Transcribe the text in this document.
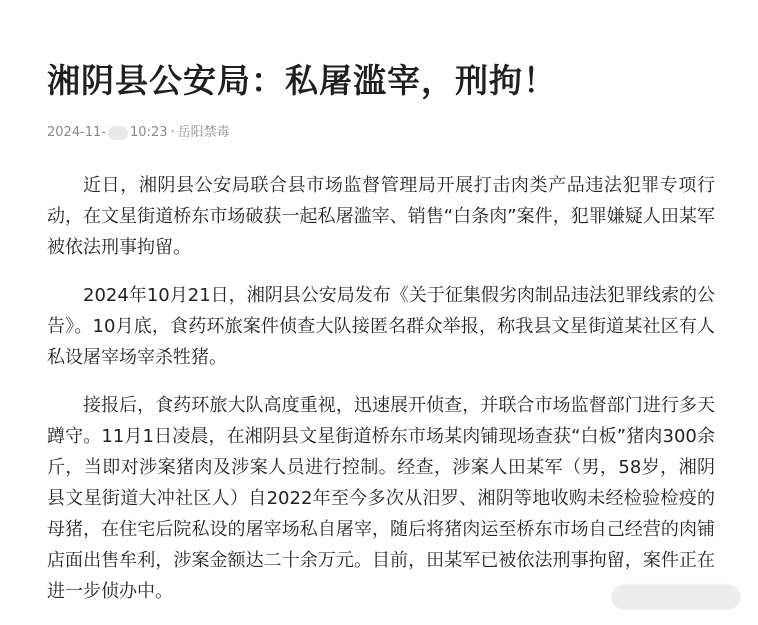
湘阴县公安局：私屠滥宰，刑拘！
2024-11- 10:23 · 岳阳禁毒

近日，湘阴县公安局联合县市场监督管理局开展打击肉类产品违法犯罪专项行动，在文星街道桥东市场破获一起私屠滥宰、销售“白条肉”案件，犯罪嫌疑人田某军被依法刑事拘留。

2024年10月21日，湘阴县公安局发布《关于征集假劣肉制品违法犯罪线索的公告》。10月底，食药环旅案件侦查大队接匿名群众举报，称我县文星街道某社区有人私设屠宰场宰杀牲猪。

接报后，食药环旅大队高度重视，迅速展开侦查，并联合市场监督部门进行多天蹲守。11月1日凌晨，在湘阴县文星街道桥东市场某肉铺现场查获“白板”猪肉300余斤，当即对涉案猪肉及涉案人员进行控制。经查，涉案人田某军（男，58岁，湘阴县文星街道大冲社区人）自2022年至今多次从汨罗、湘阴等地收购未经检验检疫的母猪，在住宅后院私设的屠宰场私自屠宰，随后将猪肉运至桥东市场自己经营的肉铺店面出售牟利，涉案金额达二十余万元。目前，田某军已被依法刑事拘留，案件正在进一步侦办中。
